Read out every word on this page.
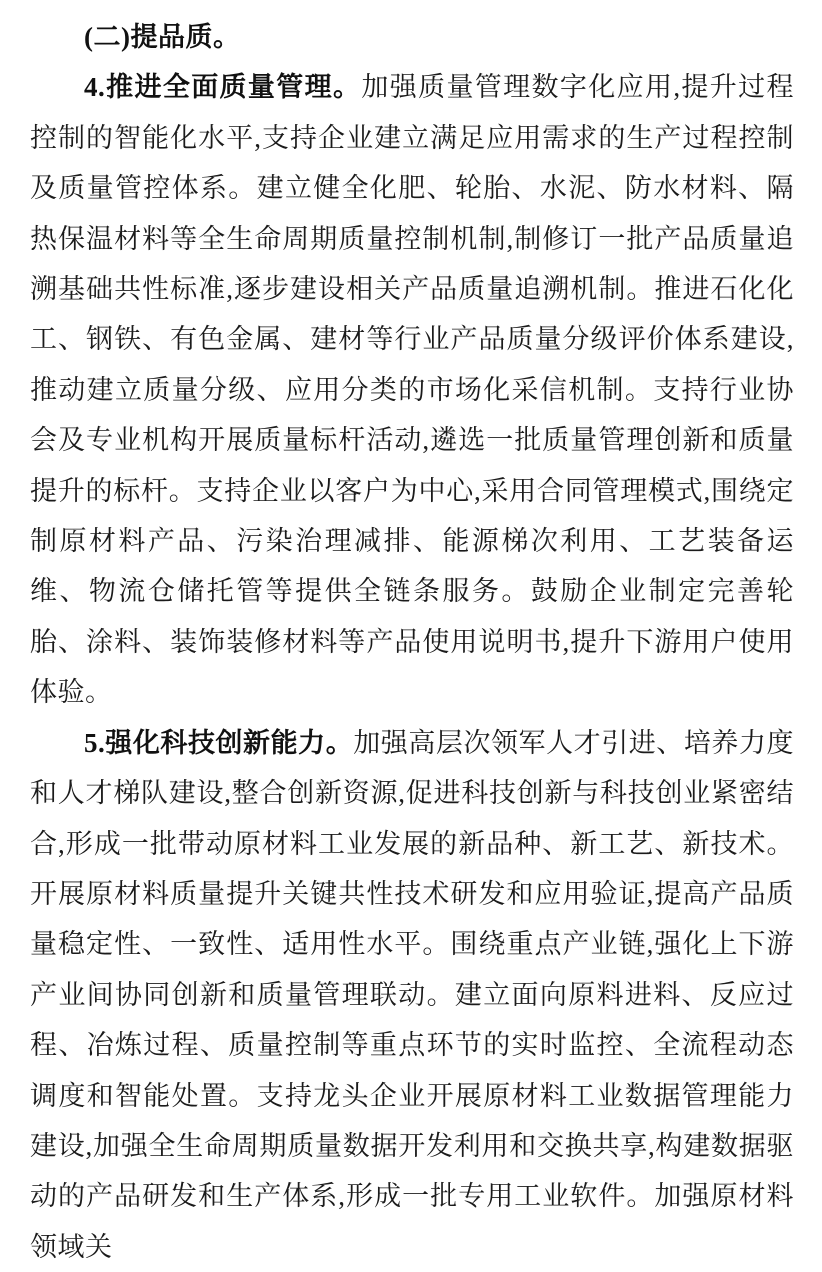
(二)提品质。

4.推进全面质量管理。加强质量管理数字化应用,提升过程控制的智能化水平,支持企业建立满足应用需求的生产过程控制及质量管控体系。建立健全化肥、轮胎、水泥、防水材料、隔热保温材料等全生命周期质量控制机制,制修订一批产品质量追溯基础共性标准,逐步建设相关产品质量追溯机制。推进石化化工、钢铁、有色金属、建材等行业产品质量分级评价体系建设,推动建立质量分级、应用分类的市场化采信机制。支持行业协会及专业机构开展质量标杆活动,遴选一批质量管理创新和质量提升的标杆。支持企业以客户为中心,采用合同管理模式,围绕定制原材料产品、污染治理减排、能源梯次利用、工艺装备运维、物流仓储托管等提供全链条服务。鼓励企业制定完善轮胎、涂料、装饰装修材料等产品使用说明书,提升下游用户使用体验。

5.强化科技创新能力。加强高层次领军人才引进、培养力度和人才梯队建设,整合创新资源,促进科技创新与科技创业紧密结合,形成一批带动原材料工业发展的新品种、新工艺、新技术。开展原材料质量提升关键共性技术研发和应用验证,提高产品质量稳定性、一致性、适用性水平。围绕重点产业链,强化上下游产业间协同创新和质量管理联动。建立面向原料进料、反应过程、冶炼过程、质量控制等重点环节的实时监控、全流程动态调度和智能处置。支持龙头企业开展原材料工业数据管理能力建设,加强全生命周期质量数据开发利用和交换共享,构建数据驱动的产品研发和生产体系,形成一批专用工业软件。加强原材料领域关
